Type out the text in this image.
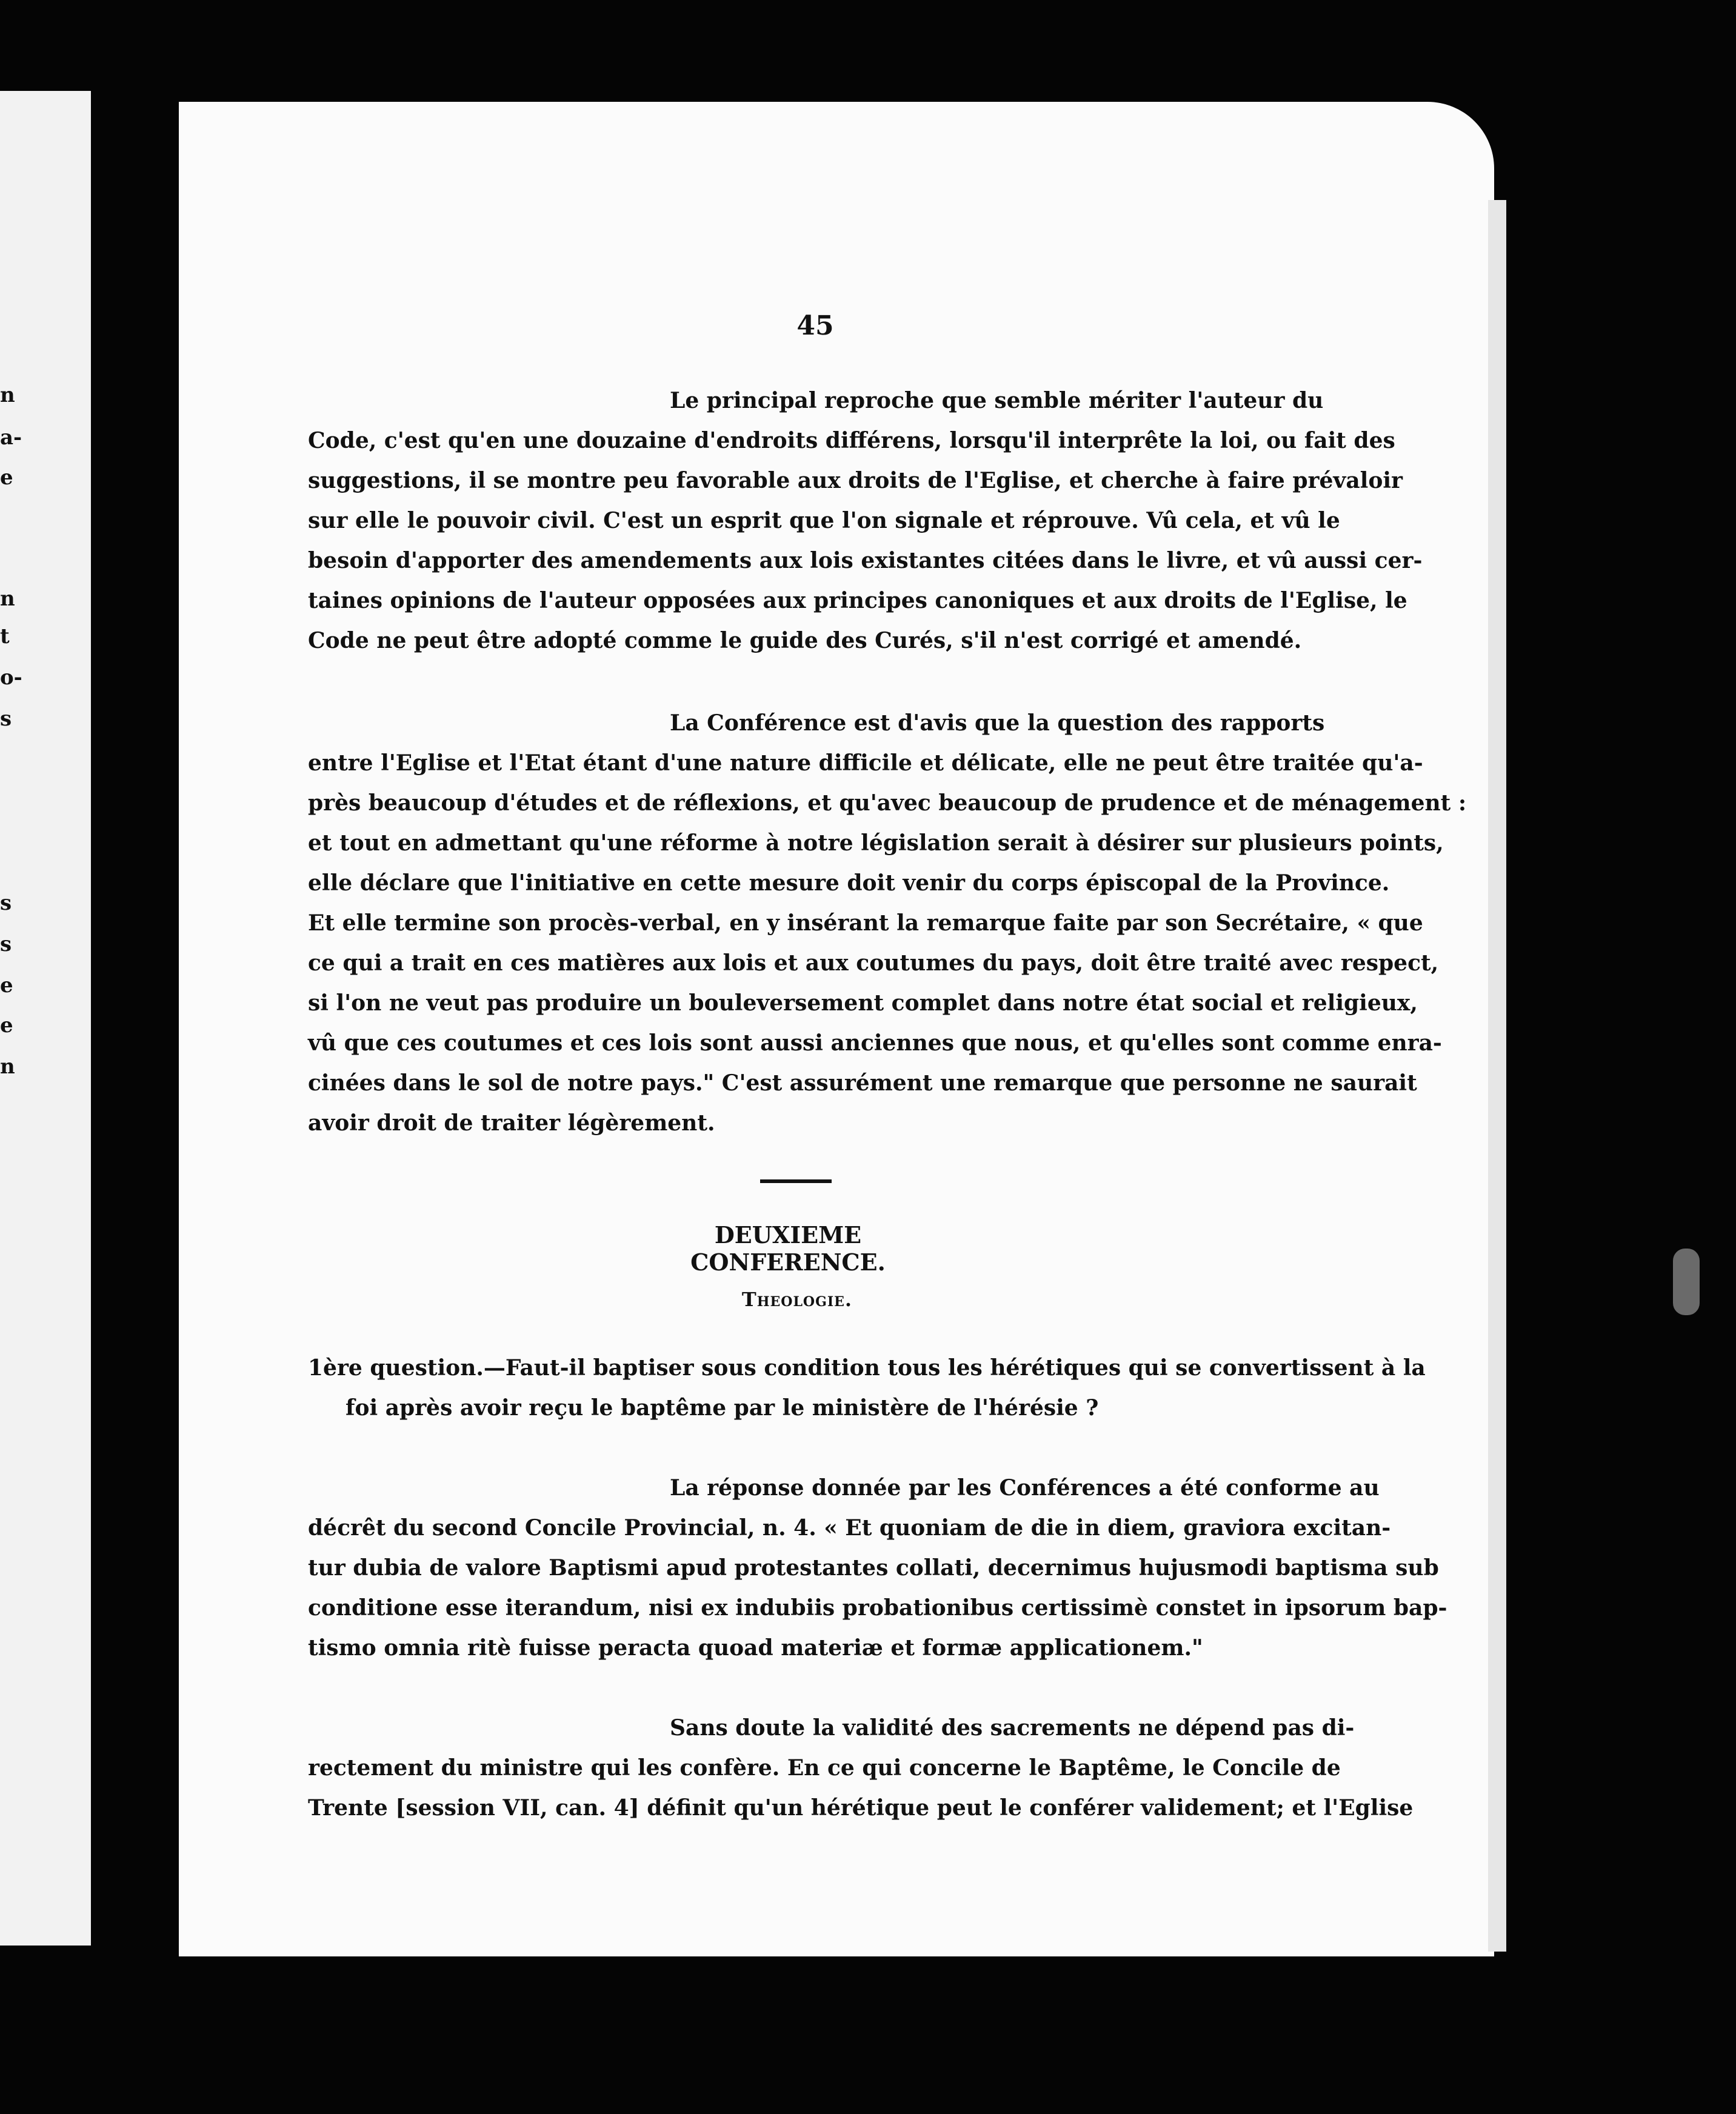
n
a-
e
n
t
o-
s
s
s
e
e
n
45
Le principal reproche que semble mériter l'auteur du
Code, c'est qu'en une douzaine d'endroits différens, lorsqu'il interprête la loi, ou fait des
suggestions, il se montre peu favorable aux droits de l'Eglise, et cherche à faire prévaloir
sur elle le pouvoir civil. C'est un esprit que l'on signale et réprouve. Vû cela, et vû le
besoin d'apporter des amendements aux lois existantes citées dans le livre, et vû aussi cer-
taines opinions de l'auteur opposées aux principes canoniques et aux droits de l'Eglise, le
Code ne peut être adopté comme le guide des Curés, s'il n'est corrigé et amendé.
La Conférence est d'avis que la question des rapports
entre l'Eglise et l'Etat étant d'une nature difficile et délicate, elle ne peut être traitée qu'a-
près beaucoup d'études et de réflexions, et qu'avec beaucoup de prudence et de ménagement :
et tout en admettant qu'une réforme à notre législation serait à désirer sur plusieurs points,
elle déclare que l'initiative en cette mesure doit venir du corps épiscopal de la Province.
Et elle termine son procès-verbal, en y insérant la remarque faite par son Secrétaire, « que
ce qui a trait en ces matières aux lois et aux coutumes du pays, doit être traité avec respect,
si l'on ne veut pas produire un bouleversement complet dans notre état social et religieux,
vû que ces coutumes et ces lois sont aussi anciennes que nous, et qu'elles sont comme enra-
cinées dans le sol de notre pays." C'est assurément une remarque que personne ne saurait
avoir droit de traiter légèrement.
DEUXIEME CONFERENCE.
Theologie.
1ère question.—Faut-il baptiser sous condition tous les hérétiques qui se convertissent à la
foi après avoir reçu le baptême par le ministère de l'hérésie ?
La réponse donnée par les Conférences a été conforme au
décrêt du second Concile Provincial, n. 4. « Et quoniam de die in diem, graviora excitan-
tur dubia de valore Baptismi apud protestantes collati, decernimus hujusmodi baptisma sub
conditione esse iterandum, nisi ex indubiis probationibus certissimè constet in ipsorum bap-
tismo omnia ritè fuisse peracta quoad materiæ et formæ applicationem."
Sans doute la validité des sacrements ne dépend pas di-
rectement du ministre qui les confère. En ce qui concerne le Baptême, le Concile de
Trente [session VII, can. 4] définit qu'un hérétique peut le conférer validement; et l'Eglise
